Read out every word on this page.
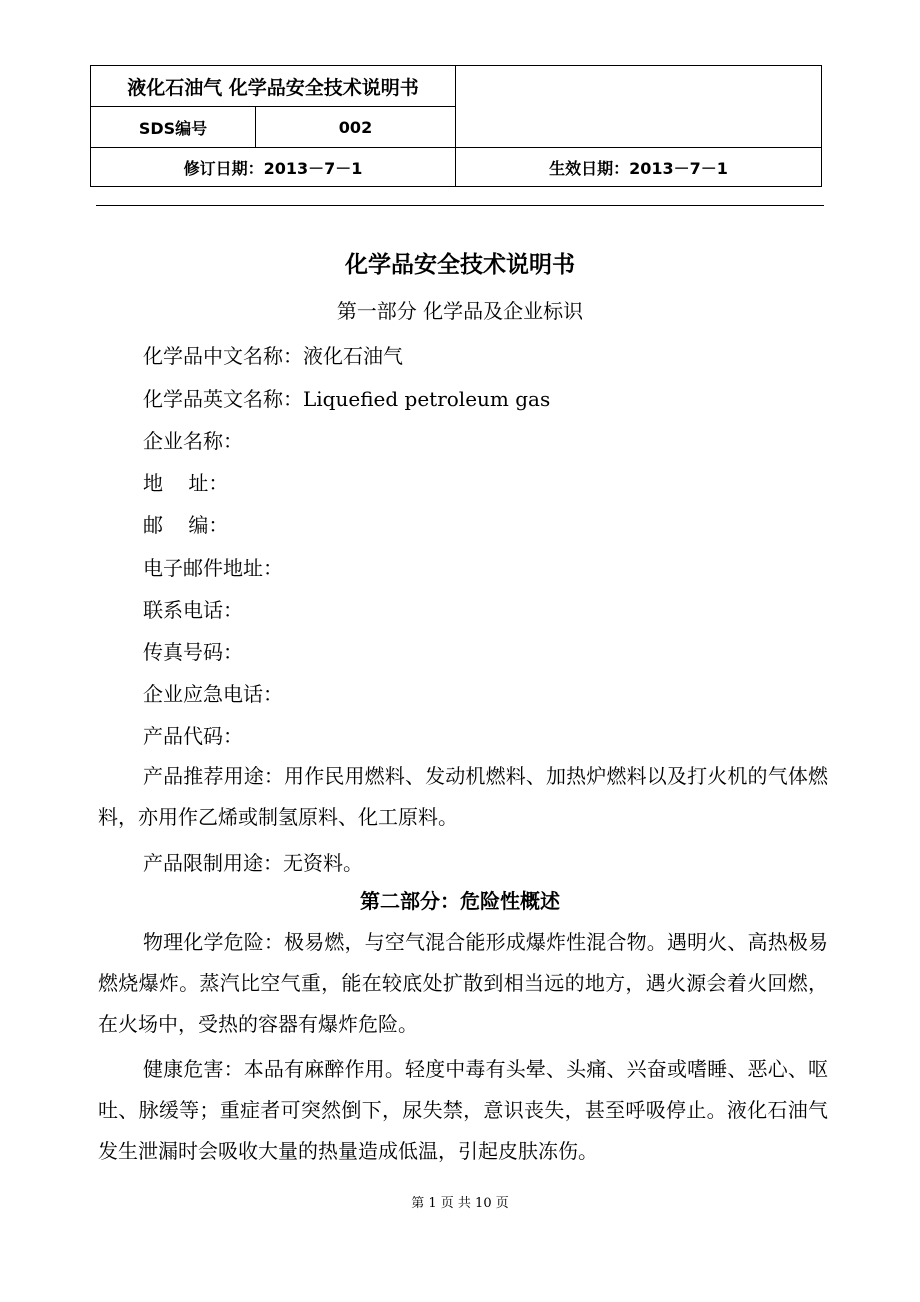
液化石油气 化学品安全技术说明书		
SDS编号	002	
修订日期：2013－7－1		生效日期：2013－7－1
化学品安全技术说明书
第一部分 化学品及企业标识
化学品中文名称：液化石油气
化学品英文名称：Liquefied petroleum gas
企业名称：
地    址：
邮    编：
电子邮件地址：
联系电话：
传真号码：
企业应急电话：
产品代码：
产品推荐用途：用作民用燃料、发动机燃料、加热炉燃料以及打火机的气体燃料，亦用作乙烯或制氢原料、化工原料。
产品限制用途：无资料。
第二部分：危险性概述
物理化学危险：极易燃，与空气混合能形成爆炸性混合物。遇明火、高热极易燃烧爆炸。蒸汽比空气重，能在较底处扩散到相当远的地方，遇火源会着火回燃，在火场中，受热的容器有爆炸危险。
健康危害：本品有麻醉作用。轻度中毒有头晕、头痛、兴奋或嗜睡、恶心、呕吐、脉缓等；重症者可突然倒下，尿失禁，意识丧失，甚至呼吸停止。液化石油气发生泄漏时会吸收大量的热量造成低温，引起皮肤冻伤。
第 1 页 共 10 页
